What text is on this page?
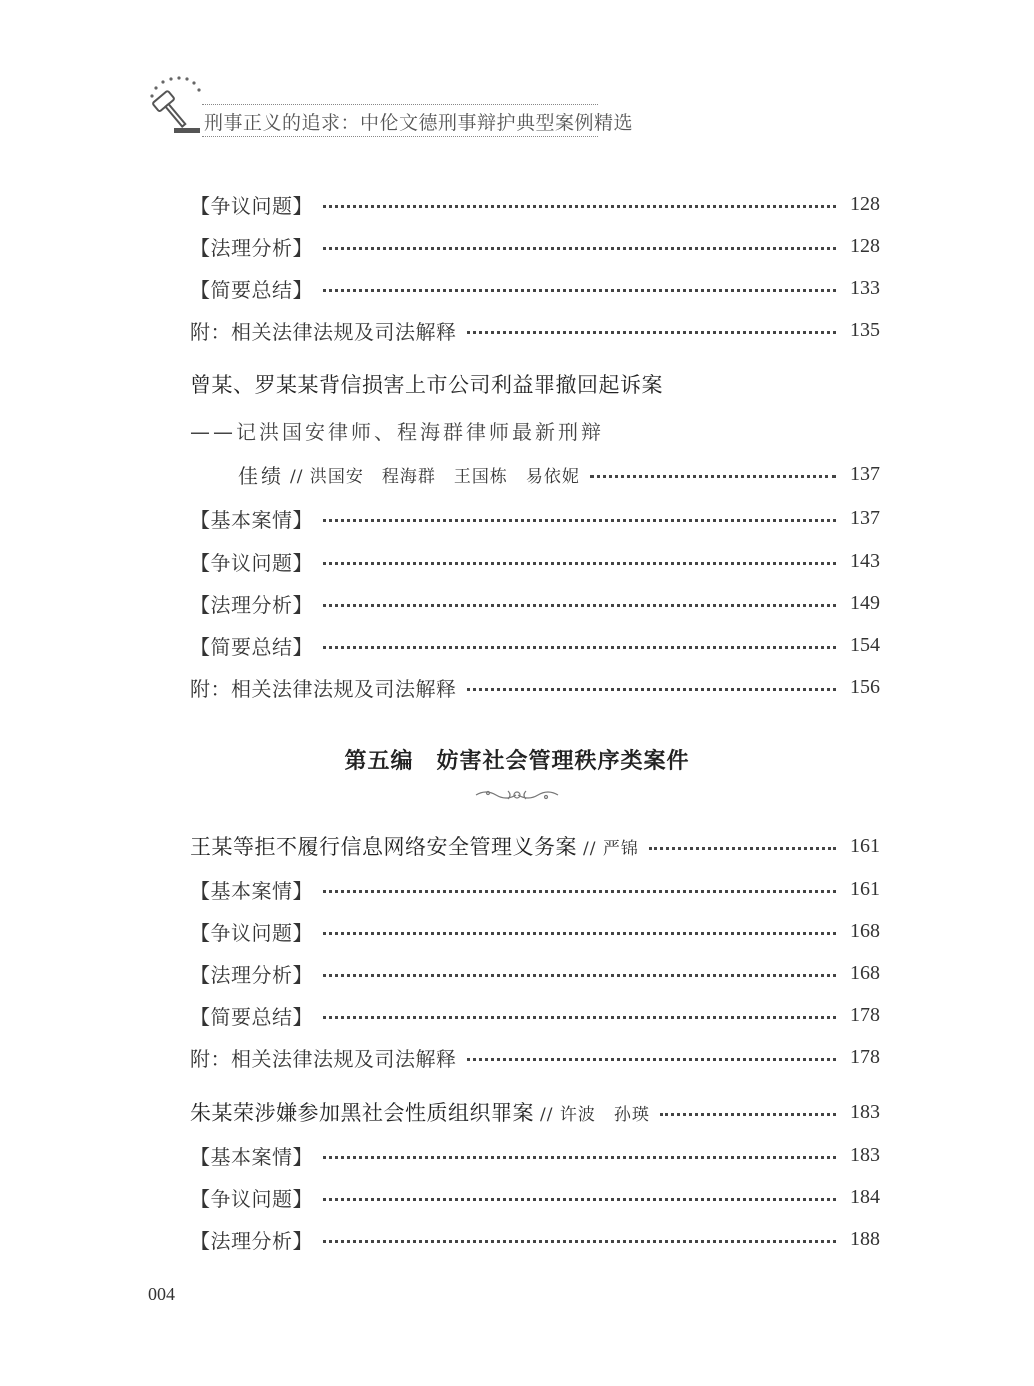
刑事正义的追求：中伦文德刑事辩护典型案例精选
【争议问题】	128
【法理分析】	128
【简要总结】	133
附：相关法律法规及司法解释	135
曾某、罗某某背信损害上市公司利益罪撤回起诉案
——记洪国安律师、程海群律师最新刑辩
佳绩 // 洪国安　程海群　王国栋　易依妮	137
【基本案情】	137
【争议问题】	143
【法理分析】	149
【简要总结】	154
附：相关法律法规及司法解释	156
第五编　妨害社会管理秩序类案件
王某等拒不履行信息网络安全管理义务案 // 严锦	161
【基本案情】	161
【争议问题】	168
【法理分析】	168
【简要总结】	178
附：相关法律法规及司法解释	178
朱某荣涉嫌参加黑社会性质组织罪案 // 许波　孙瑛	183
【基本案情】	183
【争议问题】	184
【法理分析】	188
004
